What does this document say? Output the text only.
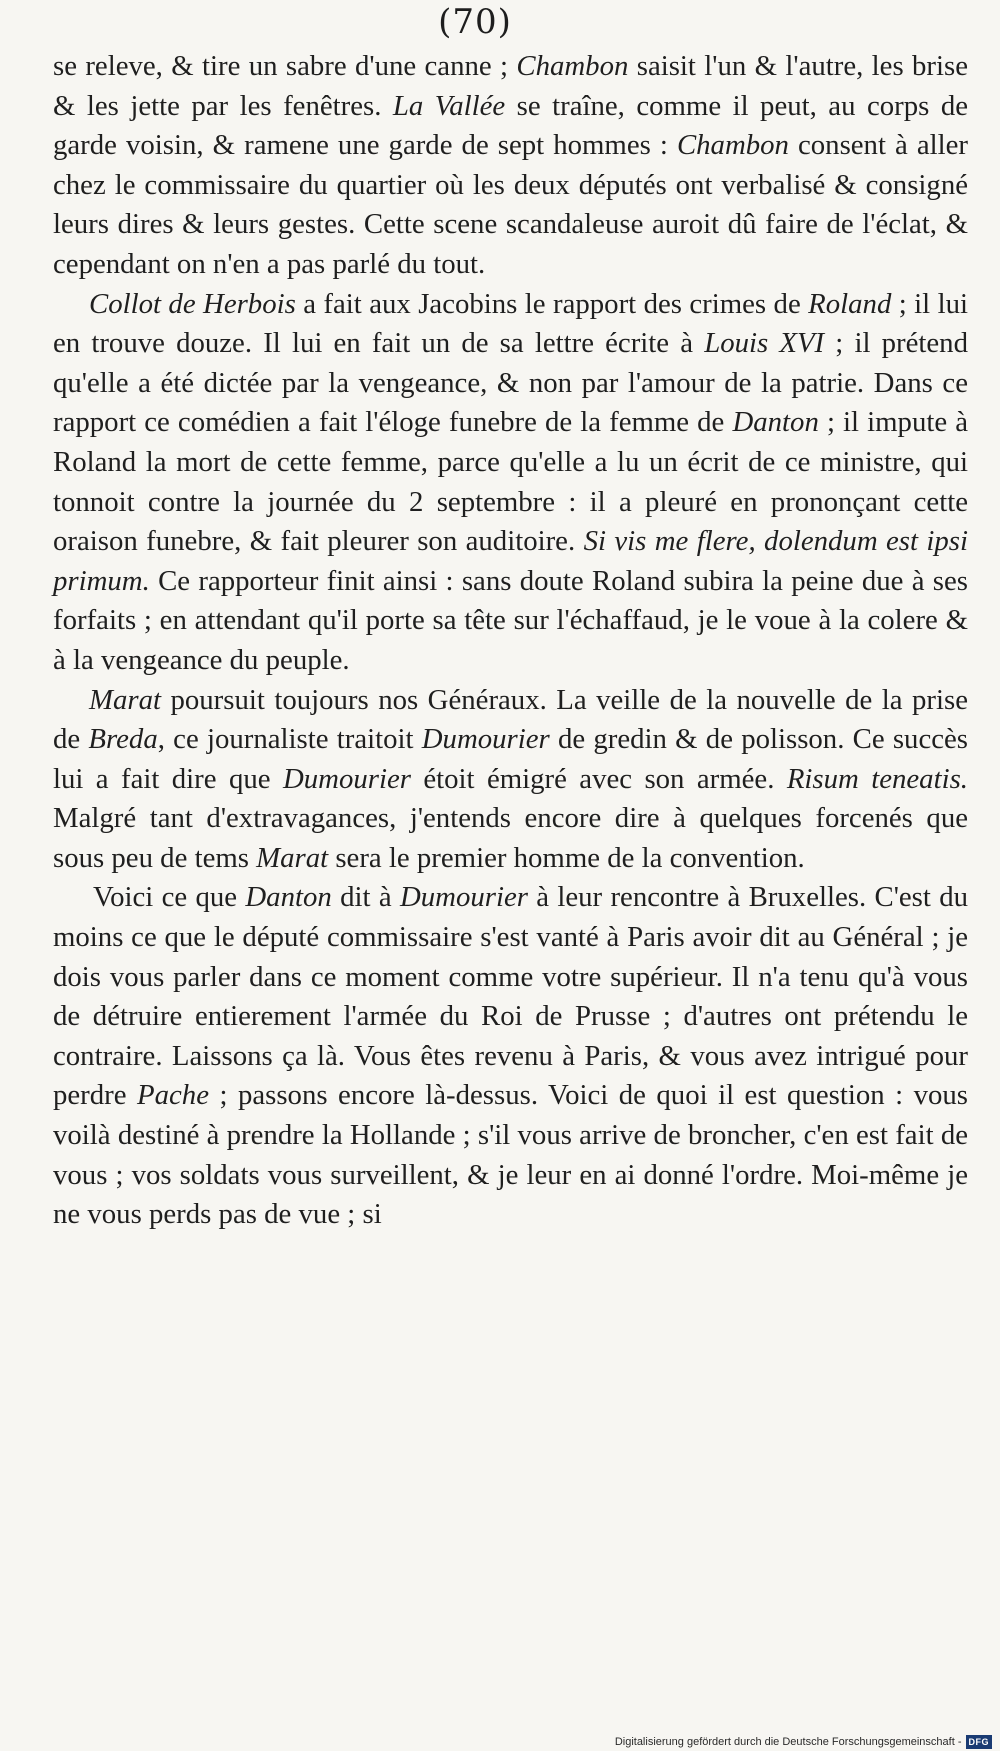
(70)

se releve, & tire un sabre d'une canne ; Chambon saisit l'un & l'autre, les brise & les jette par les fenêtres. La Vallée se traîne, comme il peut, au corps de garde voisin, & ramene une garde de sept hommes : Chambon consent à aller chez le commissaire du quartier où les deux députés ont verbalisé & consigné leurs dires & leurs gestes. Cette scene scandaleuse auroit dû faire de l'éclat, & cependant on n'en a pas parlé du tout.

Collot de Herbois a fait aux Jacobins le rapport des crimes de Roland ; il lui en trouve douze. Il lui en fait un de sa lettre écrite à Louis XVI ; il prétend qu'elle a été dictée par la vengeance, & non par l'amour de la patrie. Dans ce rapport ce comédien a fait l'éloge funebre de la femme de Danton ; il impute à Roland la mort de cette femme, parce qu'elle a lu un écrit de ce ministre, qui tonnoit contre la journée du 2 septembre : il a pleuré en prononçant cette oraison funebre, & fait pleurer son auditoire. Si vis me flere, dolendum est ipsi primum. Ce rapporteur finit ainsi : sans doute Roland subira la peine due à ses forfaits ; en attendant qu'il porte sa tête sur l'échaffaud, je le voue à la colere & à la vengeance du peuple.

Marat poursuit toujours nos Généraux. La veille de la nouvelle de la prise de Breda, ce journaliste traitoit Dumourier de gredin & de polisson. Ce succès lui a fait dire que Dumourier étoit émigré avec son armée. Risum teneatis. Malgré tant d'extravagances, j'entends encore dire à quelques forcenés que sous peu de tems Marat sera le premier homme de la convention.

Voici ce que Danton dit à Dumourier à leur rencontre à Bruxelles. C'est du moins ce que le député commissaire s'est vanté à Paris avoir dit au Général ; je dois vous parler dans ce moment comme votre supérieur. Il n'a tenu qu'à vous de détruire entierement l'armée du Roi de Prusse ; d'autres ont prétendu le contraire. Laissons ça là. Vous êtes revenu à Paris, & vous avez intrigué pour perdre Pache ; passons encore là-dessus. Voici de quoi il est question : vous voilà destiné à prendre la Hollande ; s'il vous arrive de broncher, c'en est fait de vous ; vos soldats vous surveillent, & je leur en ai donné l'ordre. Moi-même je ne vous perds pas de vue ; si

Digitalisierung gefördert durch die Deutsche Forschungsgemeinschaft - DFG
